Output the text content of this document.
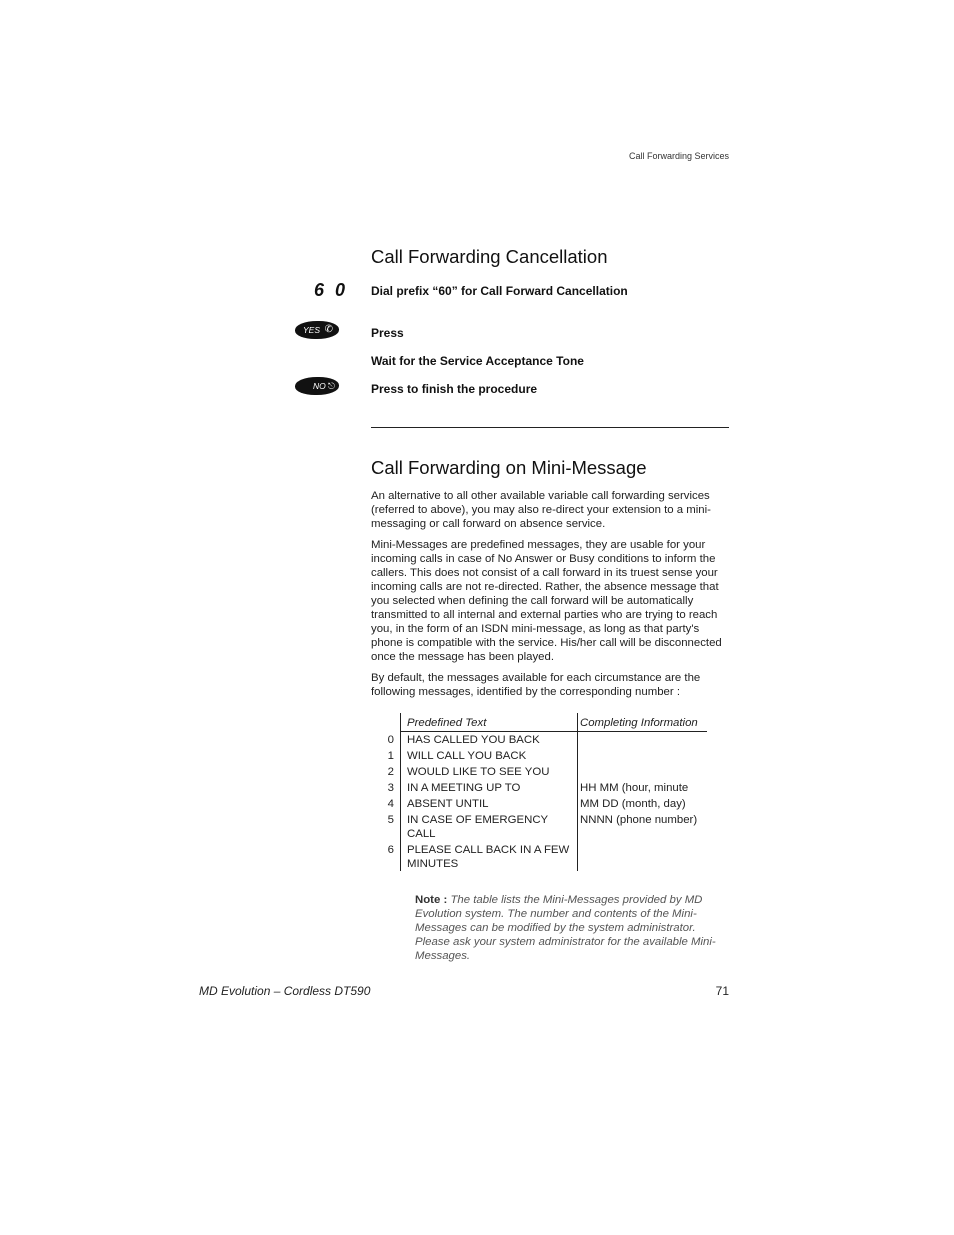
Call Forwarding Services
Call Forwarding Cancellation
6 0 Dial prefix “60” for Call Forward Cancellation
YES ✆	Press
Wait for the Service Acceptance Tone
NO ⎋	Press to finish the procedure
Call Forwarding on Mini-Message

An alternative to all other available variable call forwarding services (referred to above), you may also re-direct your extension to a mini-messaging or call forward on absence service.

Mini-Messages are predefined messages, they are usable for your incoming calls in case of No Answer or Busy conditions to inform the callers. This does not consist of a call forward in its truest sense your incoming calls are not re-directed. Rather, the absence message that you selected when defining the call forward will be automatically transmitted to all internal and external parties who are trying to reach you, in the form of an ISDN mini-message, as long as that party's phone is compatible with the service. His/her call will be disconnected once the message has been played.

By default, the messages available for each circumstance are the following messages, identified by the corresponding number :

	Predefined Text	Completing Information
0	HAS CALLED YOU BACK	
1	WILL CALL YOU BACK	
2	WOULD LIKE TO SEE YOU	
3	IN A MEETING UP TO	HH MM (hour, minute
4	ABSENT UNTIL	MM DD (month, day)
5	IN CASE OF EMERGENCY CALL	NNNN (phone number)
6	PLEASE CALL BACK IN A FEW MINUTES	
Note : The table lists the Mini-Messages provided by MD Evolution system. The number and contents of the Mini-Messages can be modified by the system administrator. Please ask your system administrator for the available Mini-Messages.
MD Evolution – Cordless DT590	71
